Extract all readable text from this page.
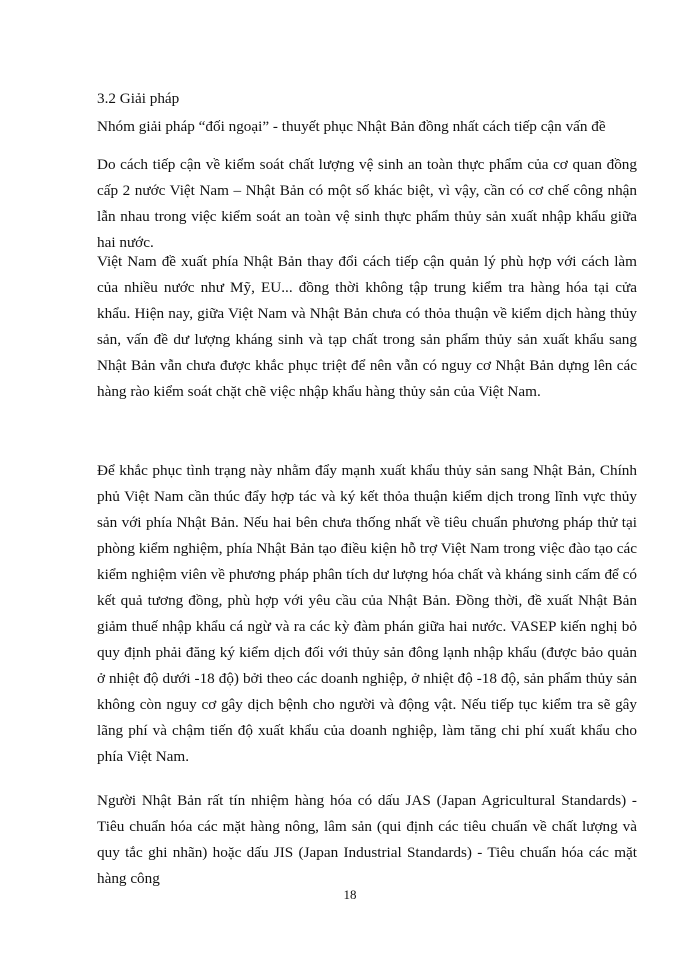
3.2 Giải pháp

Nhóm giải pháp “đối ngoại” - thuyết phục Nhật Bản đồng nhất cách tiếp cận vấn đề

Do cách tiếp cận về kiểm soát chất lượng vệ sinh an toàn thực phẩm của cơ quan đồng cấp 2 nước Việt Nam – Nhật Bản có một số khác biệt, vì vậy, cần có cơ chế công nhận lẫn nhau trong việc kiểm soát an toàn vệ sinh thực phẩm thủy sản xuất nhập khẩu giữa hai nước.

Việt Nam đề xuất phía Nhật Bản thay đổi cách tiếp cận quản lý phù hợp với cách làm của nhiều nước như Mỹ, EU... đồng thời không tập trung kiểm tra hàng hóa tại cửa khẩu. Hiện nay, giữa Việt Nam và Nhật Bản chưa có thỏa thuận về kiểm dịch hàng thủy sản, vấn đề dư lượng kháng sinh và tạp chất trong sản phẩm thủy sản xuất khẩu sang Nhật Bản vẫn chưa được khắc phục triệt để nên vẫn có nguy cơ Nhật Bản dựng lên các hàng rào kiểm soát chặt chẽ việc nhập khẩu hàng thủy sản của Việt Nam.

Để khắc phục tình trạng này nhằm đẩy mạnh xuất khẩu thủy sản sang Nhật Bản, Chính phủ Việt Nam cần thúc đẩy hợp tác và ký kết thỏa thuận kiểm dịch trong lĩnh vực thủy sản với phía Nhật Bản. Nếu hai bên chưa thống nhất về tiêu chuẩn phương pháp thử tại phòng kiểm nghiệm, phía Nhật Bản tạo điều kiện hỗ trợ Việt Nam trong việc đào tạo các kiểm nghiệm viên về phương pháp phân tích dư lượng hóa chất và kháng sinh cấm để có kết quả tương đồng, phù hợp với yêu cầu của Nhật Bản. Đồng thời, đề xuất Nhật Bản giảm thuế nhập khẩu cá ngừ và ra các kỳ đàm phán giữa hai nước. VASEP kiến nghị bỏ quy định phải đăng ký kiểm dịch đối với thủy sản đông lạnh nhập khẩu (được bảo quản ở nhiệt độ dưới -18 độ) bởi theo các doanh nghiệp, ở nhiệt độ -18 độ, sản phẩm thủy sản không còn nguy cơ gây dịch bệnh cho người và động vật. Nếu tiếp tục kiểm tra sẽ gây lãng phí và chậm tiến độ xuất khẩu của doanh nghiệp, làm tăng chi phí xuất khẩu cho phía Việt Nam.

Người Nhật Bản rất tín nhiệm hàng hóa có dấu JAS (Japan Agricultural Standards) - Tiêu chuẩn hóa các mặt hàng nông, lâm sản (qui định các tiêu chuẩn về chất lượng và quy tắc ghi nhãn) hoặc dấu JIS (Japan Industrial Standards) - Tiêu chuẩn hóa các mặt hàng công

18
